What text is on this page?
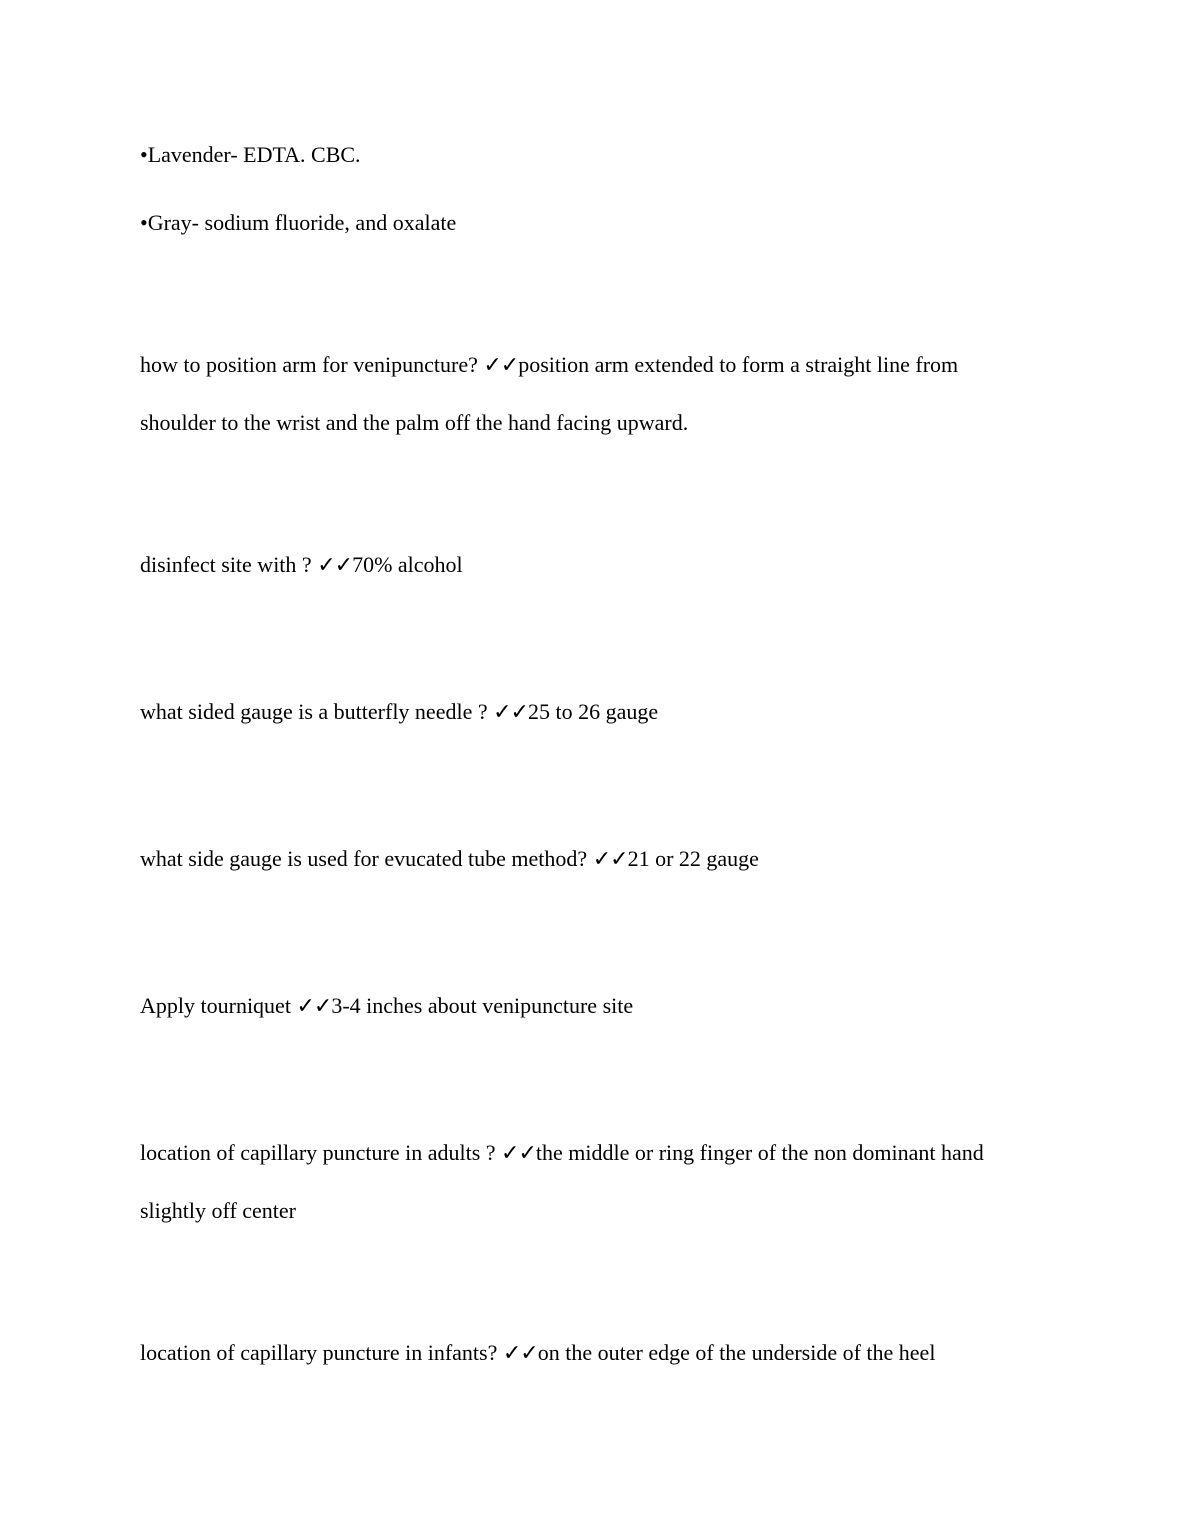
•Lavender- EDTA. CBC.

•Gray- sodium fluoride, and oxalate

how to position arm for venipuncture? ✓✓position arm extended to form a straight line from

shoulder to the wrist and the palm off the hand facing upward.

disinfect site with ? ✓✓70% alcohol

what sided gauge is a butterfly needle ? ✓✓25 to 26 gauge

what side gauge is used for evucated tube method? ✓✓21 or 22 gauge

Apply tourniquet ✓✓3-4 inches about venipuncture site

location of capillary puncture in adults ? ✓✓the middle or ring finger of the non dominant hand

slightly off center

location of capillary puncture in infants? ✓✓on the outer edge of the underside of the heel
